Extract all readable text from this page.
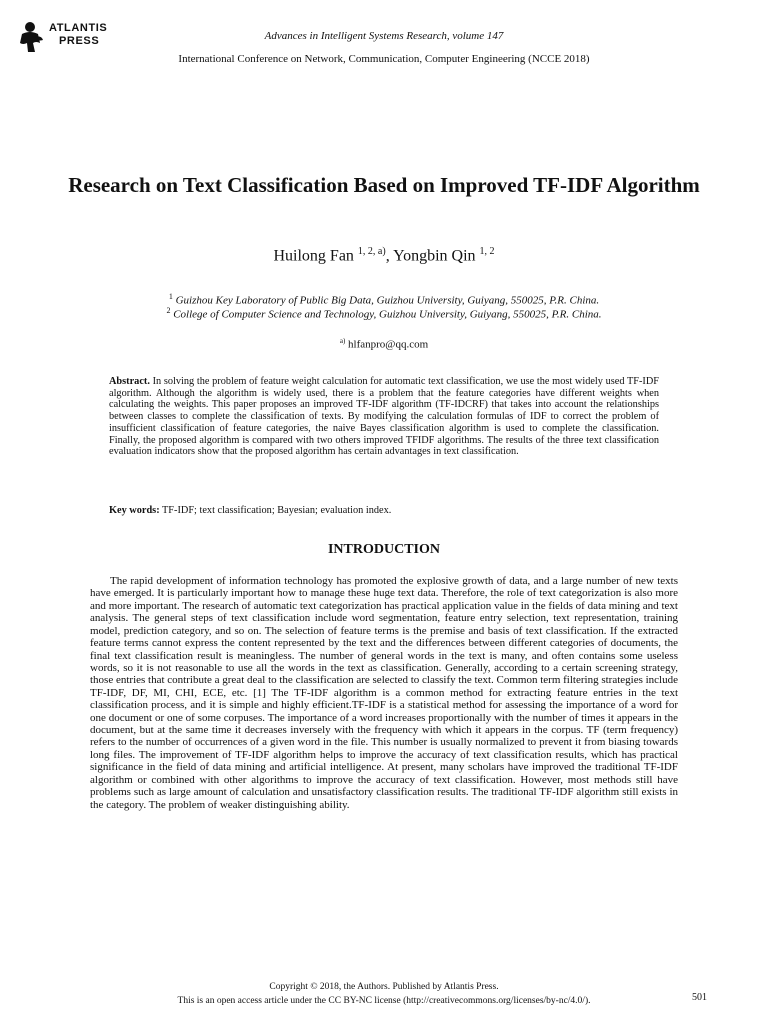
ATLANTIS
PRESS	Advances in Intelligent Systems Research, volume 147
International Conference on Network, Communication, Computer Engineering (NCCE 2018)
Research on Text Classification Based on Improved TF-IDF Algorithm
Huilong Fan $^{1, 2, a)}$, Yongbin Qin $^{1, 2}$
$^1$ Guizhou Key Laboratory of Public Big Data, Guizhou University, Guiyang, 550025, P.R. China.
$^2$ College of Computer Science and Technology, Guizhou University, Guiyang, 550025, P.R. China.
$^{a)}$ hlfanpro@qq.com

Abstract. In solving the problem of feature weight calculation for automatic text classification, we use the most widely used TF-IDF algorithm. Although the algorithm is widely used, there is a problem that the feature categories have different weights when calculating the weights. This paper proposes an improved TF-IDF algorithm (TF-IDCRF) that takes into account the relationships between classes to complete the classification of texts. By modifying the calculation formulas of IDF to correct the problem of insufficient classification of feature categories, the naive Bayes classification algorithm is used to complete the classification. Finally, the proposed algorithm is compared with two others improved TFIDF algorithms. The results of the three text classification evaluation indicators show that the proposed algorithm has certain advantages in text classification.

Key words: TF-IDF; text classification; Bayesian; evaluation index.
INTRODUCTION

The rapid development of information technology has promoted the explosive growth of data, and a large number of new texts have emerged. It is particularly important how to manage these huge text data. Therefore, the role of text categorization is also more and more important. The research of automatic text categorization has practical application value in the fields of data mining and text analysis. The general steps of text classification include word segmentation, feature entry selection, text representation, training model, prediction category, and so on. The selection of feature terms is the premise and basis of text classification. If the extracted feature terms cannot express the content represented by the text and the differences between different categories of documents, the final text classification result is meaningless. The number of general words in the text is many, and often contains some useless words, so it is not reasonable to use all the words in the text as classification. Generally, according to a certain screening strategy, those entries that contribute a great deal to the classification are selected to classify the text. Common term filtering strategies include TF-IDF, DF, MI, CHI, ECE, etc. [1] The TF-IDF algorithm is a common method for extracting feature entries in the text classification process, and it is simple and highly efficient.TF-IDF is a statistical method for assessing the importance of a word for one document or one of some corpuses. The importance of a word increases proportionally with the number of times it appears in the document, but at the same time it decreases inversely with the frequency with which it appears in the corpus. TF (term frequency) refers to the number of occurrences of a given word in the file. This number is usually normalized to prevent it from biasing towards long files. The improvement of TF-IDF algorithm helps to improve the accuracy of text classification results, which has practical significance in the field of data mining and artificial intelligence. At present, many scholars have improved the traditional TF-IDF algorithm or combined with other algorithms to improve the accuracy of text classification. However, most methods still have problems such as large amount of calculation and unsatisfactory classification results. The traditional TF-IDF algorithm still exists in the category. The problem of weaker distinguishing ability.

Copyright © 2018, the Authors. Published by Atlantis Press.
This is an open access article under the CC BY-NC license (http://creativecommons.org/licenses/by-nc/4.0/).	501
